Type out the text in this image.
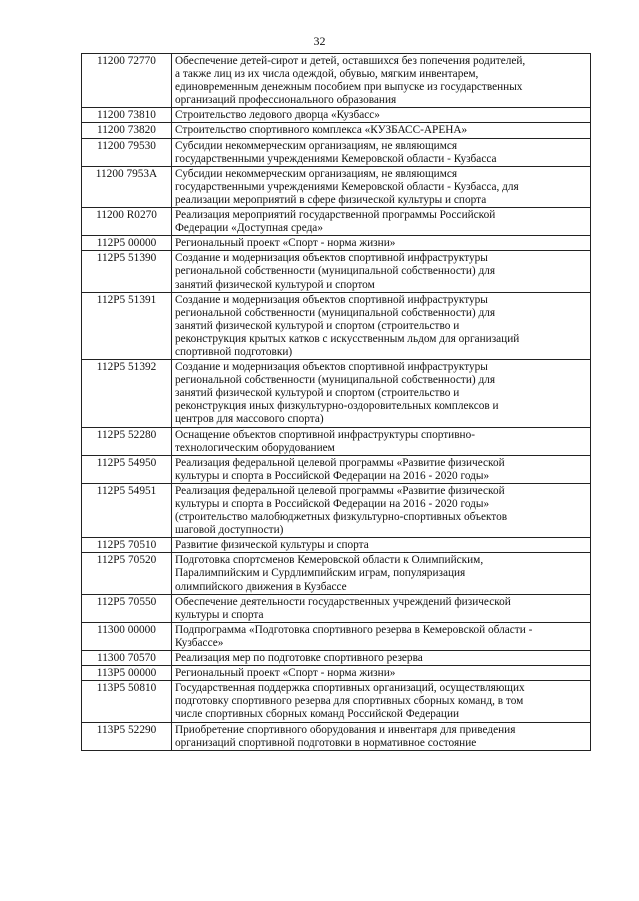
32
11200 72770	Обеспечение детей-сирот и детей, оставшихся без попечения родителей,
а также лиц из их числа одеждой, обувью, мягким инвентарем,
единовременным денежным пособием при выпуске из государственных
организаций профессионального образования

11200 73810	Строительство ледового дворца «Кузбасс»

11200 73820	Строительство спортивного комплекса «КУЗБАСС-АРЕНА»

11200 79530	Субсидии некоммерческим организациям, не являющимся
государственными учреждениями Кемеровской области - Кузбасса

11200 7953А	Субсидии некоммерческим организациям, не являющимся
государственными учреждениями Кемеровской области - Кузбасса, для
реализации мероприятий в сфере физической культуры и спорта

11200 R0270	Реализация мероприятий государственной программы Российской
Федерации «Доступная среда»

112Р5 00000	Региональный проект «Спорт - норма жизни»

112Р5 51390	Создание и модернизация объектов спортивной инфраструктуры
региональной собственности (муниципальной собственности) для
занятий физической культурой и спортом

112Р5 51391	Создание и модернизация объектов спортивной инфраструктуры
региональной собственности (муниципальной собственности) для
занятий физической культурой и спортом (строительство и
реконструкция крытых катков с искусственным льдом для организаций
спортивной подготовки)

112Р5 51392	Создание и модернизация объектов спортивной инфраструктуры
региональной собственности (муниципальной собственности) для
занятий физической культурой и спортом (строительство и
реконструкция иных физкультурно-оздоровительных комплексов и
центров для массового спорта)

112Р5 52280	Оснащение объектов спортивной инфраструктуры спортивно-
технологическим оборудованием

112Р5 54950	Реализация федеральной целевой программы «Развитие физической
культуры и спорта в Российской Федерации на 2016 - 2020 годы»

112Р5 54951	Реализация федеральной целевой программы «Развитие физической
культуры и спорта в Российской Федерации на 2016 - 2020 годы»
(строительство малобюджетных физкультурно-спортивных объектов
шаговой доступности)

112Р5 70510	Развитие физической культуры и спорта

112Р5 70520	Подготовка спортсменов Кемеровской области к Олимпийским,
Паралимпийским и Сурдлимпийским играм, популяризация
олимпийского движения в Кузбассе

112Р5 70550	Обеспечение деятельности государственных учреждений физической
культуры и спорта

11300 00000	Подпрограмма «Подготовка спортивного резерва в Кемеровской области -
Кузбассе»

11300 70570	Реализация мер по подготовке спортивного резерва

113Р5 00000	Региональный проект «Спорт - норма жизни»

113Р5 50810	Государственная поддержка спортивных организаций, осуществляющих
подготовку спортивного резерва для спортивных сборных команд, в том
числе спортивных сборных команд Российской Федерации

113Р5 52290	Приобретение спортивного оборудования и инвентаря для приведения
организаций спортивной подготовки в нормативное состояние
